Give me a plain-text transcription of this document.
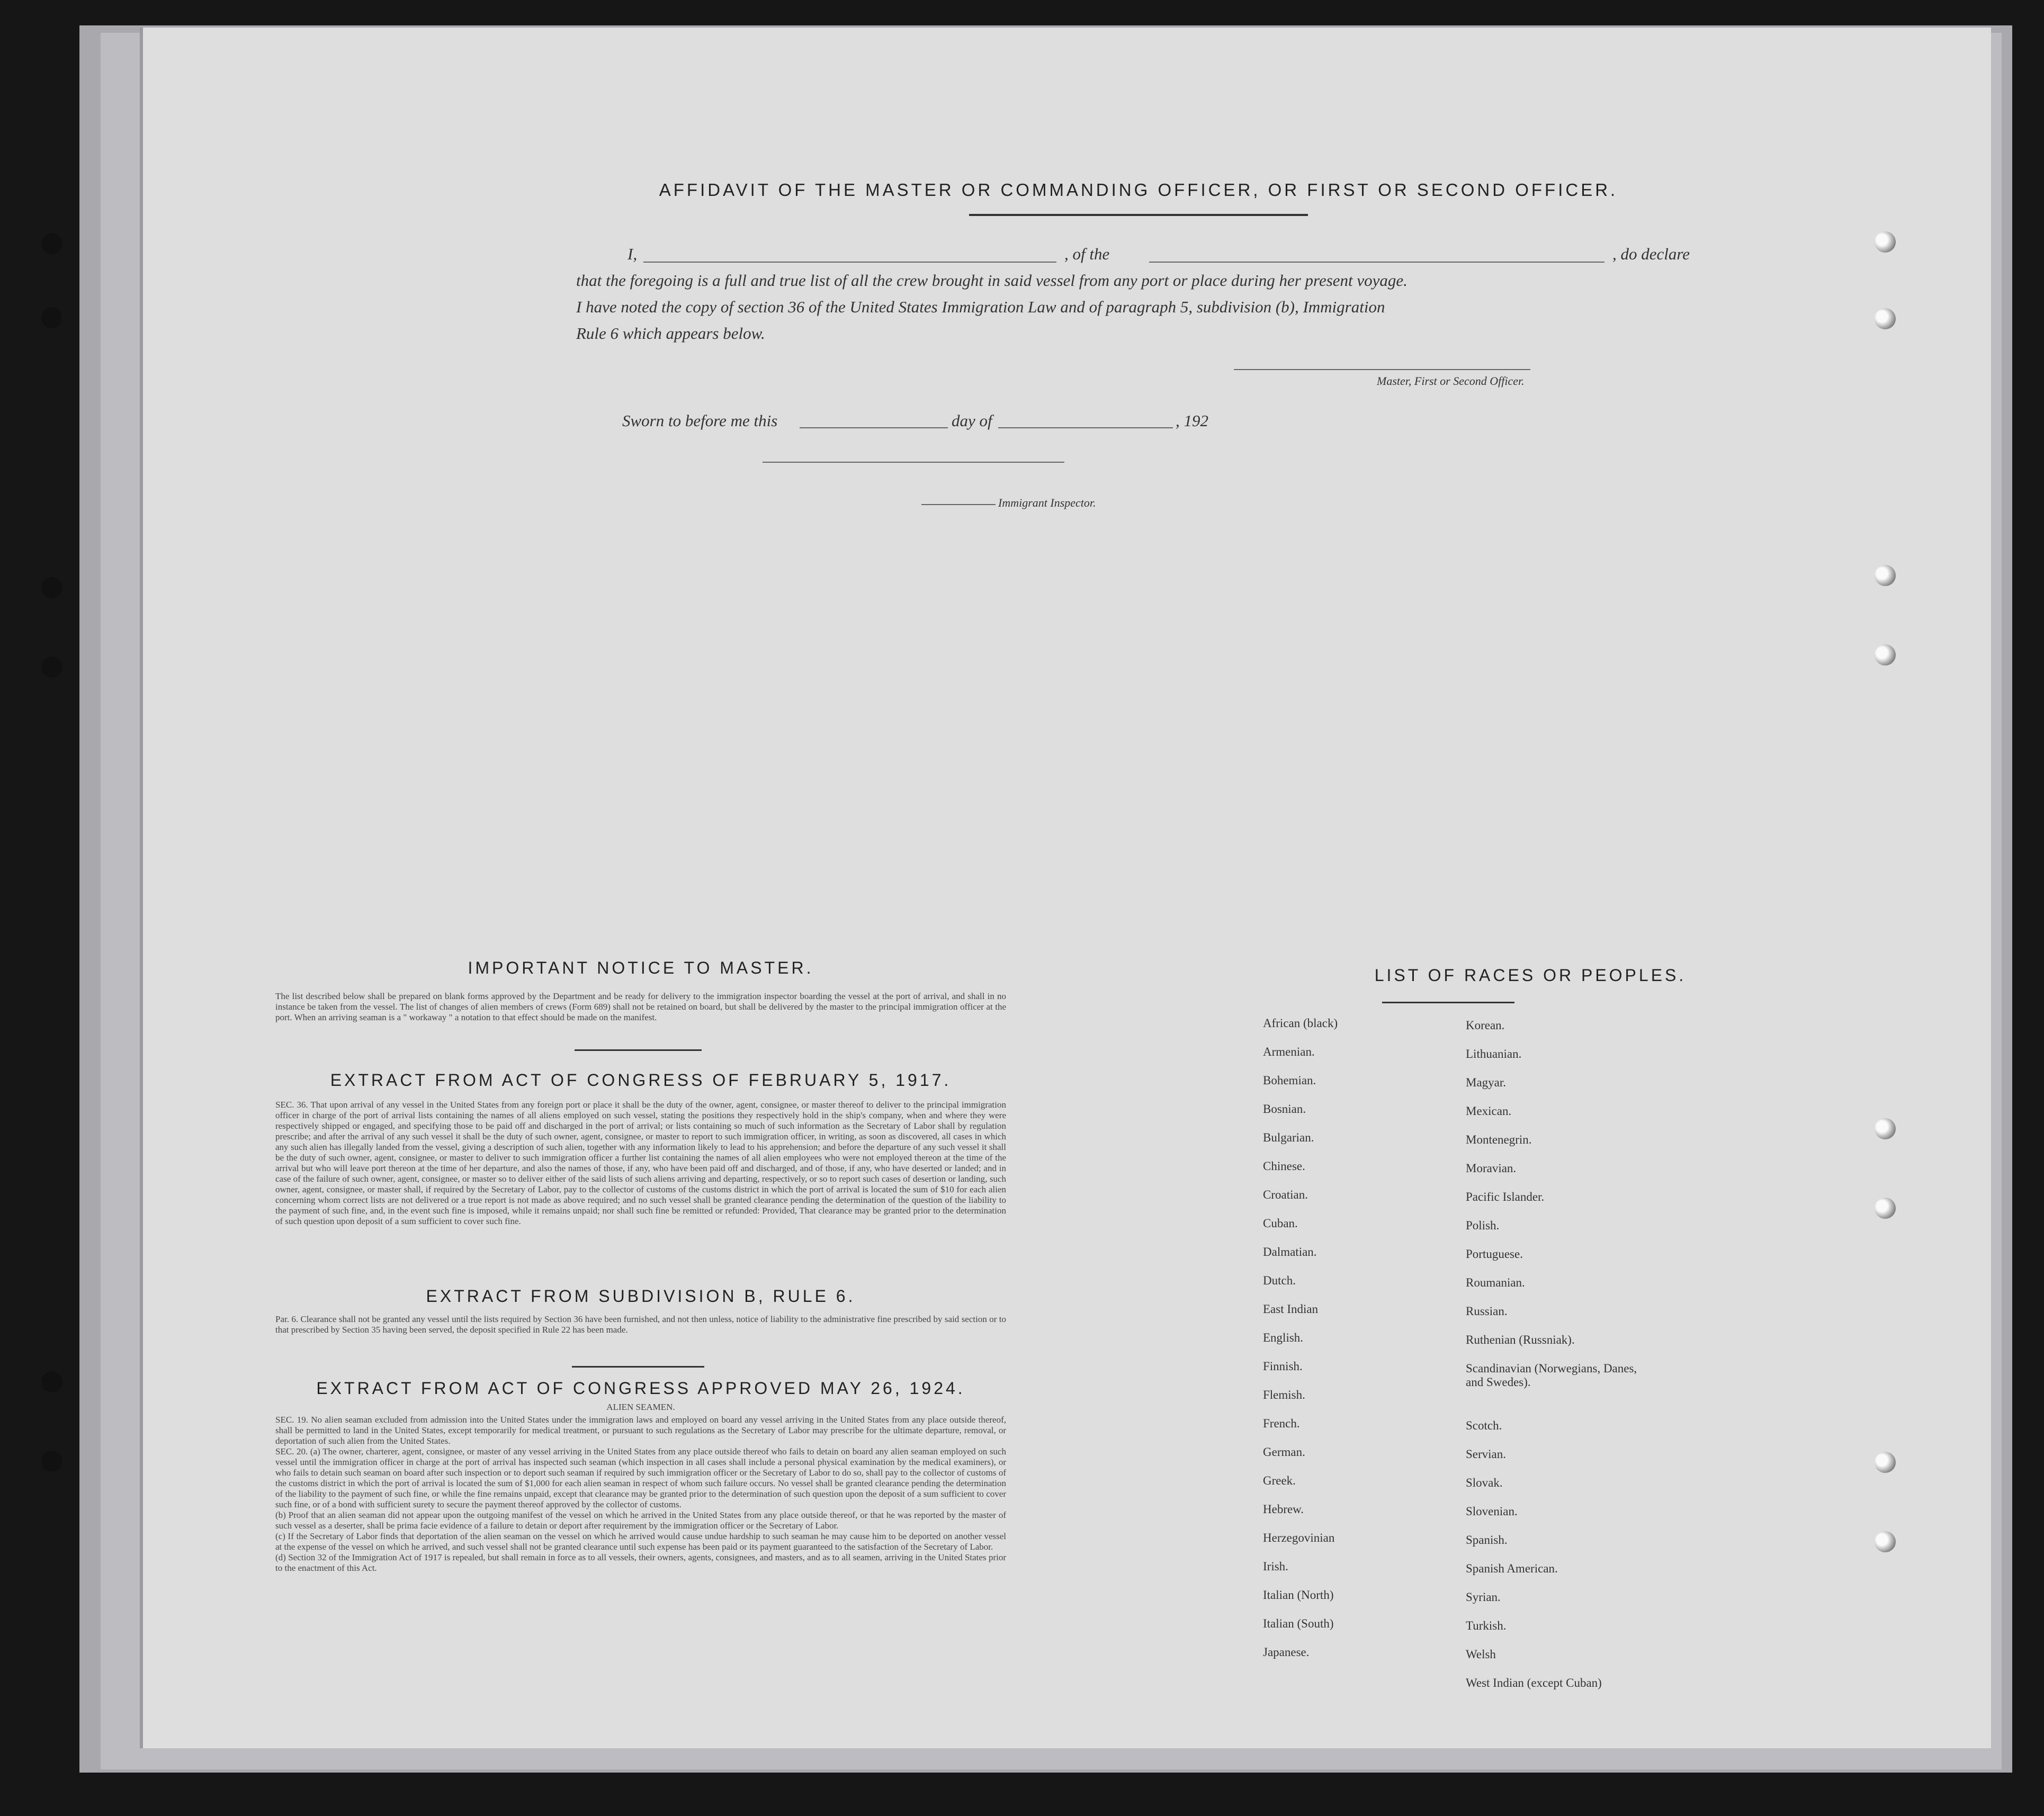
AFFIDAVIT OF THE MASTER OR COMMANDING OFFICER, OR FIRST OR SECOND OFFICER.
I,	, of the	, do declare
that the foregoing is a full and true list of all the crew brought in said vessel from any port or place during her present voyage.
I have noted the copy of section 36 of the United States Immigration Law and of paragraph 5, subdivision (b), Immigration
Rule 6 which appears below.
Master, First or Second Officer.
Sworn to before me this	day of	, 192
Immigrant Inspector.
IMPORTANT NOTICE TO MASTER.
The list described below shall be prepared on blank forms approved by the Department and be ready for delivery to the immigration inspector boarding the vessel at the port of arrival, and shall in no instance be taken from the vessel. The list of changes of alien members of crews (Form 689) shall not be retained on board, but shall be delivered by the master to the principal immigration officer at the port. When an arriving seaman is a " workaway " a notation to that effect should be made on the manifest.
EXTRACT FROM ACT OF CONGRESS OF FEBRUARY 5, 1917.
SEC. 36. That upon arrival of any vessel in the United States from any foreign port or place it shall be the duty of the owner, agent, consignee, or master thereof to deliver to the principal immigration officer in charge of the port of arrival lists containing the names of all aliens employed on such vessel, stating the positions they respectively hold in the ship's company, when and where they were respectively shipped or engaged, and specifying those to be paid off and discharged in the port of arrival; or lists containing so much of such information as the Secretary of Labor shall by regulation prescribe; and after the arrival of any such vessel it shall be the duty of such owner, agent, consignee, or master to report to such immigration officer, in writing, as soon as discovered, all cases in which any such alien has illegally landed from the vessel, giving a description of such alien, together with any information likely to lead to his apprehension; and before the departure of any such vessel it shall be the duty of such owner, agent, consignee, or master to deliver to such immigration officer a further list containing the names of all alien employees who were not employed thereon at the time of the arrival but who will leave port thereon at the time of her departure, and also the names of those, if any, who have been paid off and discharged, and of those, if any, who have deserted or landed; and in case of the failure of such owner, agent, consignee, or master so to deliver either of the said lists of such aliens arriving and departing, respectively, or so to report such cases of desertion or landing, such owner, agent, consignee, or master shall, if required by the Secretary of Labor, pay to the collector of customs of the customs district in which the port of arrival is located the sum of $10 for each alien concerning whom correct lists are not delivered or a true report is not made as above required; and no such vessel shall be granted clearance pending the determination of the question of the liability to the payment of such fine, and, in the event such fine is imposed, while it remains unpaid; nor shall such fine be remitted or refunded: Provided, That clearance may be granted prior to the determination of such question upon deposit of a sum sufficient to cover such fine.
EXTRACT FROM SUBDIVISION B, RULE 6.
Par. 6. Clearance shall not be granted any vessel until the lists required by Section 36 have been furnished, and not then unless, notice of liability to the administrative fine prescribed by said section or to that prescribed by Section 35 having been served, the deposit specified in Rule 22 has been made.
EXTRACT FROM ACT OF CONGRESS APPROVED MAY 26, 1924.
ALIEN SEAMEN.
SEC. 19. No alien seaman excluded from admission into the United States under the immigration laws and employed on board any vessel arriving in the United States from any place outside thereof, shall be permitted to land in the United States, except temporarily for medical treatment, or pursuant to such regulations as the Secretary of Labor may prescribe for the ultimate departure, removal, or deportation of such alien from the United States.
SEC. 20. (a) The owner, charterer, agent, consignee, or master of any vessel arriving in the United States from any place outside thereof who fails to detain on board any alien seaman employed on such vessel until the immigration officer in charge at the port of arrival has inspected such seaman (which inspection in all cases shall include a personal physical examination by the medical examiners), or who fails to detain such seaman on board after such inspection or to deport such seaman if required by such immigration officer or the Secretary of Labor to do so, shall pay to the collector of customs of the customs district in which the port of arrival is located the sum of $1,000 for each alien seaman in respect of whom such failure occurs. No vessel shall be granted clearance pending the determination of the liability to the payment of such fine, or while the fine remains unpaid, except that clearance may be granted prior to the determination of such question upon the deposit of a sum sufficient to cover such fine, or of a bond with sufficient surety to secure the payment thereof approved by the collector of customs.
(b) Proof that an alien seaman did not appear upon the outgoing manifest of the vessel on which he arrived in the United States from any place outside thereof, or that he was reported by the master of such vessel as a deserter, shall be prima facie evidence of a failure to detain or deport after requirement by the immigration officer or the Secretary of Labor.
(c) If the Secretary of Labor finds that deportation of the alien seaman on the vessel on which he arrived would cause undue hardship to such seaman he may cause him to be deported on another vessel at the expense of the vessel on which he arrived, and such vessel shall not be granted clearance until such expense has been paid or its payment guaranteed to the satisfaction of the Secretary of Labor.
(d) Section 32 of the Immigration Act of 1917 is repealed, but shall remain in force as to all vessels, their owners, agents, consignees, and masters, and as to all seamen, arriving in the United States prior to the enactment of this Act.
LIST OF RACES OR PEOPLES.
African (black)
Armenian.
Bohemian.
Bosnian.
Bulgarian.
Chinese.
Croatian.
Cuban.
Dalmatian.
Dutch.
East Indian
English.
Finnish.
Flemish.
French.
German.
Greek.
Hebrew.
Herzegovinian
Irish.
Italian (North)
Italian (South)
Japanese.
Korean.
Lithuanian.
Magyar.
Mexican.
Montenegrin.
Moravian.
Pacific Islander.
Polish.
Portuguese.
Roumanian.
Russian.
Ruthenian (Russniak).
Scandinavian (Norwegians, Danes, and Swedes).
Scotch.
Servian.
Slovak.
Slovenian.
Spanish.
Spanish American.
Syrian.
Turkish.
Welsh
West Indian (except Cuban)
